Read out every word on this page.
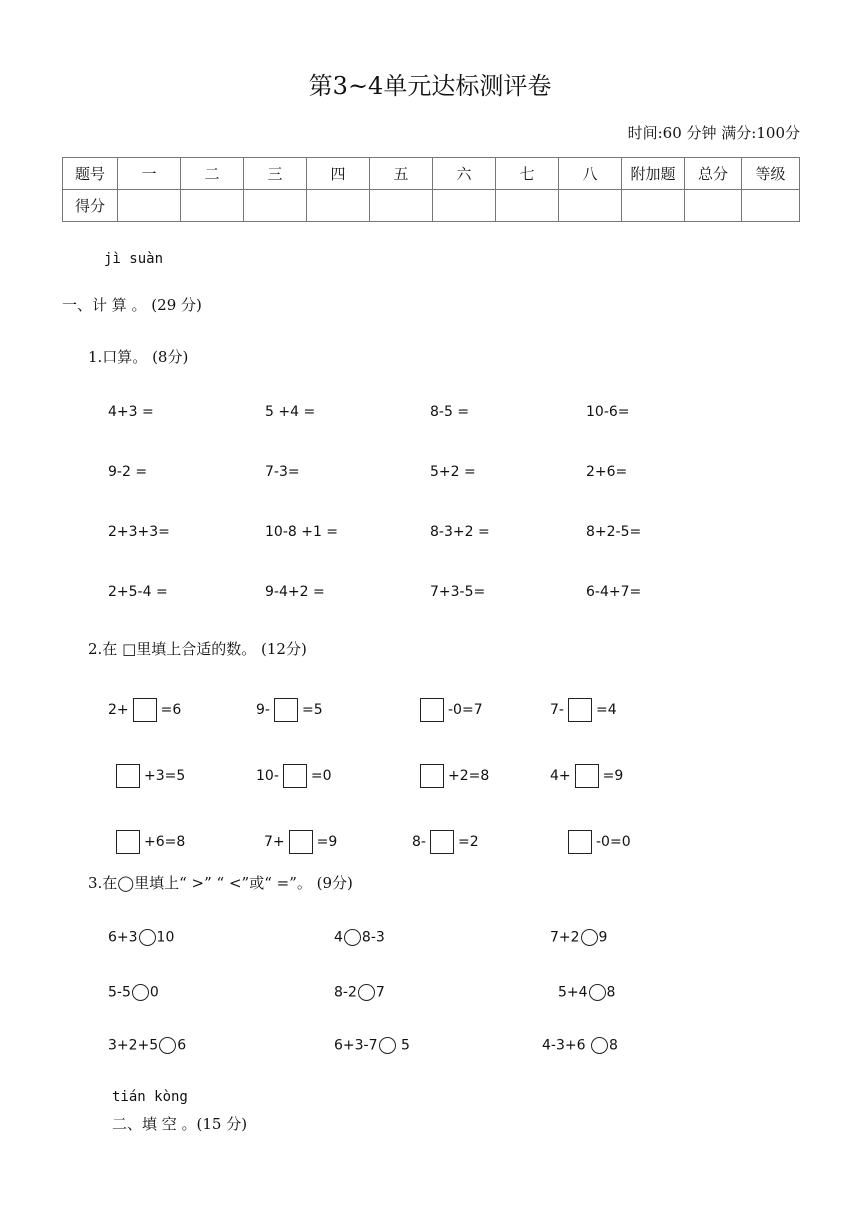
第3~4单元达标测评卷
时间:60 分钟 满分:100分
题号	一	二	三	四	五	六	七	八	附加题	总分	等级
得分											
jì suàn
一、计 算 。 (29 分)
1.口算。 (8分)
4+3 =	5 +4 =	8-5 =	10-6=
9-2 =	7-3=	5+2 =	2+6=
2+3+3=	10-8 +1 =	8-3+2 =	8+2-5=
2+5-4 =	9-4+2 =	7+3-5=	6-4+7=
2.在 □里填上合适的数。 (12分)
2+ =6	9- =5	-0=7	7- =4
+3=5	10- =0	+2=8	4+ =9
+6=8	7+ =9	8- =2	-0=0
3.在◯里填上“ >” “ <”或“ =”。 (9分)
6+3 10	4 8-3	7+2 9
5-5 0	8-2 7	5+4 8
3+2+5 6	6+3-7 5	4-3+6 8
tián kòng
二、填 空 。(15 分)
